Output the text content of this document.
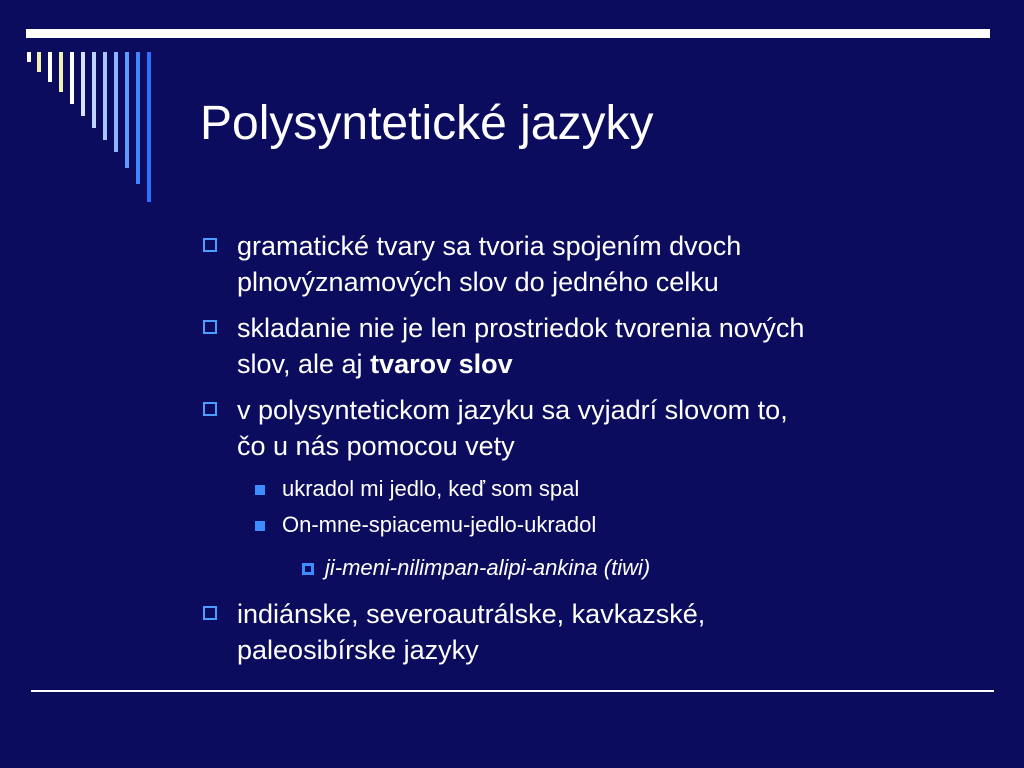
Polysyntetické jazyky
gramatické tvary sa tvoria spojením dvoch
plnovýznamových slov do jedného celku
skladanie nie je len prostriedok tvorenia nových
slov, ale aj tvarov slov
v polysyntetickom jazyku sa vyjadrí slovom to,
čo u nás pomocou vety
ukradol mi jedlo, keď som spal
On-mne-spiacemu-jedlo-ukradol
ji-meni-nilimpan-alipi-ankina (tiwi)
indiánske, severoautrálske, kavkazské,
paleosibírske jazyky
